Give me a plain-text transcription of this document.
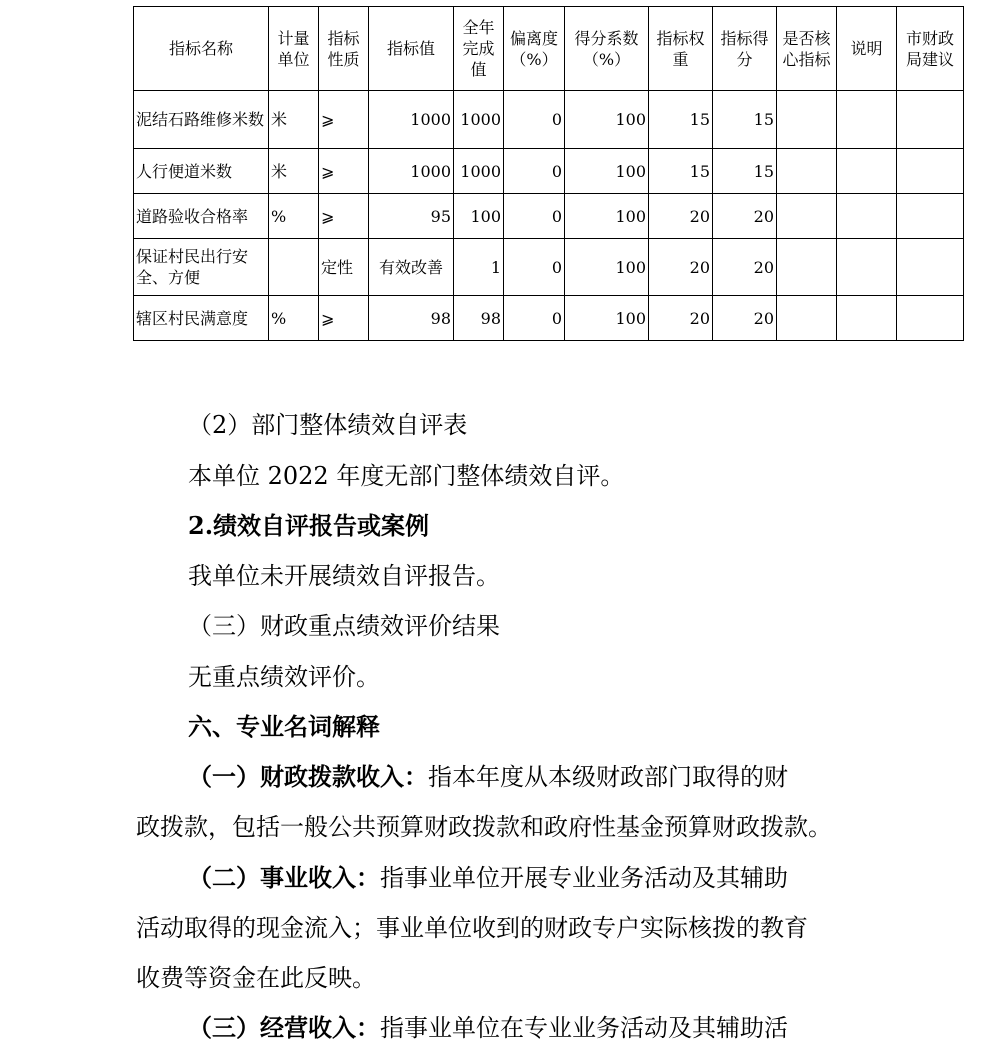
指标名称	计量单位	指标性质	指标值	全年完成值	偏离度（%）	得分系数（%）	指标权重	指标得分	是否核心指标	说明	市财政局建议
泥结石路维修米数	米	⩾	1000	1000	0	100	15	15			
人行便道米数	米	⩾	1000	1000	0	100	15	15			
道路验收合格率	%	⩾	95	100	0	100	20	20			
保证村民出行安全、方便		定性	有效改善	1	0	100	20	20			
辖区村民满意度	%	⩾	98	98	0	100	20	20			
（2）部门整体绩效自评表
本单位 2022 年度无部门整体绩效自评。
2.绩效自评报告或案例
我单位未开展绩效自评报告。
（三）财政重点绩效评价结果
无重点绩效评价。
六、专业名词解释
（一）财政拨款收入：指本年度从本级财政部门取得的财
政拨款，包括一般公共预算财政拨款和政府性基金预算财政拨款。
（二）事业收入：指事业单位开展专业业务活动及其辅助
活动取得的现金流入；事业单位收到的财政专户实际核拨的教育
收费等资金在此反映。
（三）经营收入：指事业单位在专业业务活动及其辅助活
